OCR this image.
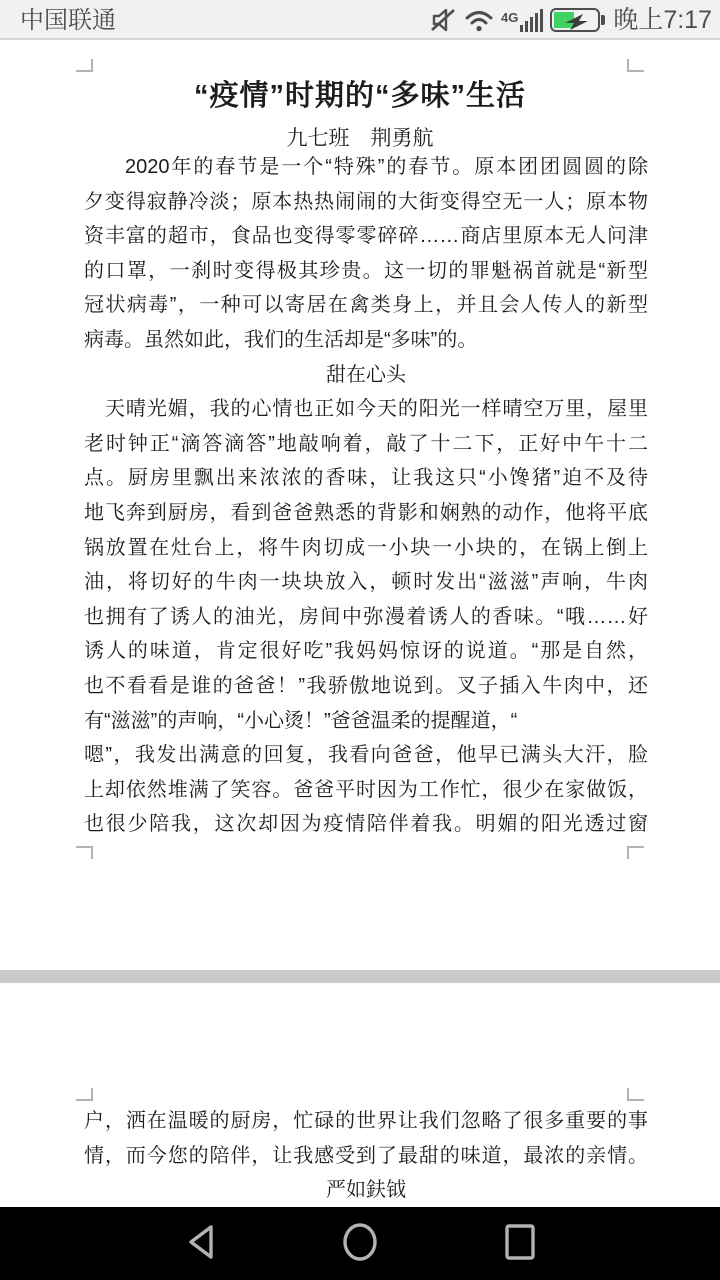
中国联通	4G	晚上7:17
“疫情”时期的“多味”生活
九七班　荆勇航
2020年的春节是一个“特殊”的春节。原本团团圆圆的除
夕变得寂静冷淡；原本热热闹闹的大街变得空无一人；原本物
资丰富的超市，食品也变得零零碎碎……商店里原本无人问津
的口罩，一刹时变得极其珍贵。这一切的罪魁祸首就是“新型
冠状病毒”，一种可以寄居在禽类身上，并且会人传人的新型
病毒。虽然如此，我们的生活却是“多味”的。
甜在心头
天晴光媚，我的心情也正如今天的阳光一样晴空万里，屋里
老时钟正“滴答滴答”地敲响着，敲了十二下，正好中午十二
点。厨房里飘出来浓浓的香味，让我这只“小馋猪”迫不及待
地飞奔到厨房，看到爸爸熟悉的背影和娴熟的动作，他将平底
锅放置在灶台上，将牛肉切成一小块一小块的，在锅上倒上
油，将切好的牛肉一块块放入，顿时发出“滋滋”声响，牛肉
也拥有了诱人的油光，房间中弥漫着诱人的香味。“哦……好
诱人的味道，肯定很好吃”我妈妈惊讶的说道。“那是自然，
也不看看是谁的爸爸！”我骄傲地说到。叉子插入牛肉中，还
有“滋滋”的声响，“小心烫！”爸爸温柔的提醒道，“
嗯”，我发出满意的回复，我看向爸爸，他早已满头大汗，脸
上却依然堆满了笑容。爸爸平时因为工作忙，很少在家做饭，
也很少陪我，这次却因为疫情陪伴着我。明媚的阳光透过窗
户，洒在温暖的厨房，忙碌的世界让我们忽略了很多重要的事
情，而今您的陪伴，让我感受到了最甜的味道，最浓的亲情。
严如鈇钺
